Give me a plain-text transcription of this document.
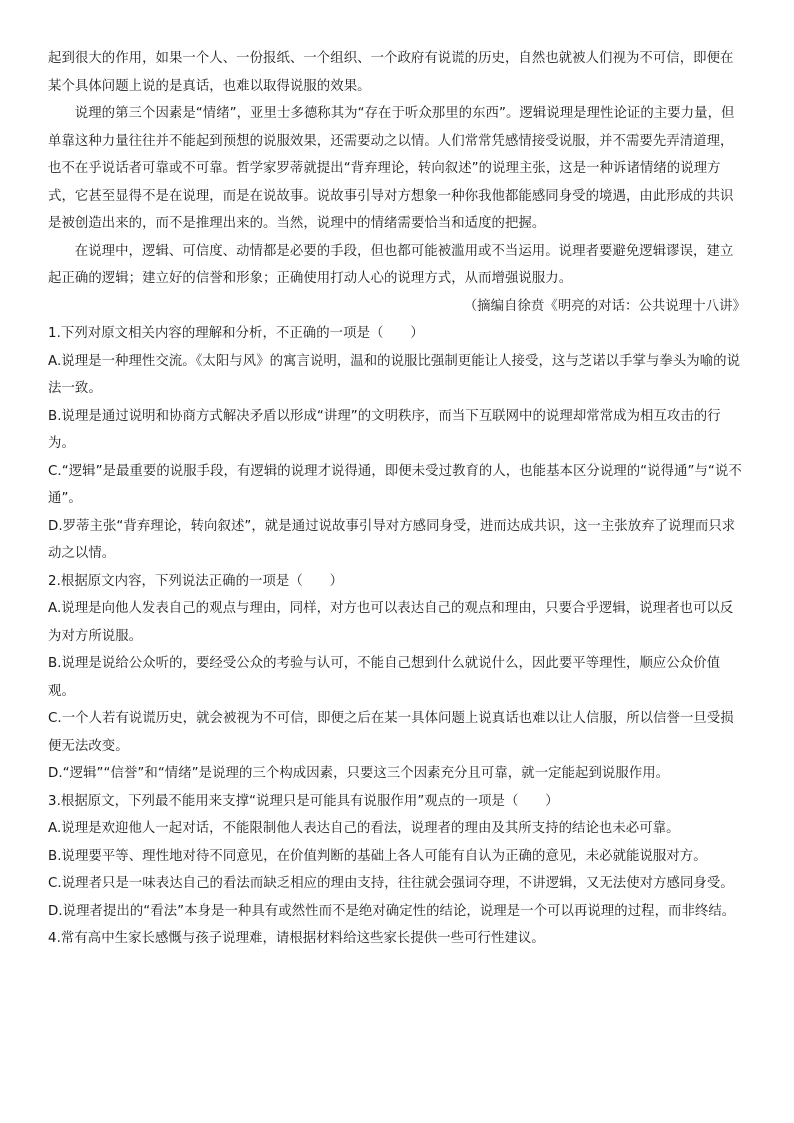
起到很大的作用，如果一个人、一份报纸、一个组织、一个政府有说谎的历史，自然也就被人们视为不可信，即便在某个具体问题上说的是真话，也难以取得说服的效果。

说理的第三个因素是“情绪”，亚里士多德称其为“存在于听众那里的东西”。逻辑说理是理性论证的主要力量，但单靠这种力量往往并不能起到预想的说服效果，还需要动之以情。人们常常凭感情接受说服，并不需要先弄清道理，也不在乎说话者可靠或不可靠。哲学家罗蒂就提出“背弃理论，转向叙述”的说理主张，这是一种诉诸情绪的说理方式，它甚至显得不是在说理，而是在说故事。说故事引导对方想象一种你我他都能感同身受的境遇，由此形成的共识是被创造出来的，而不是推理出来的。当然，说理中的情绪需要恰当和适度的把握。

在说理中，逻辑、可信度、动情都是必要的手段，但也都可能被滥用或不当运用。说理者要避免逻辑谬误，建立起正确的逻辑；建立好的信誉和形象；正确使用打动人心的说理方式，从而增强说服力。

（摘编自徐贲《明亮的对话：公共说理十八讲》

1.下列对原文相关内容的理解和分析，不正确的一项是（　　）

A.说理是一种理性交流。《太阳与风》的寓言说明，温和的说服比强制更能让人接受，这与芝诺以手掌与拳头为喻的说法一致。

B.说理是通过说明和协商方式解决矛盾以形成“讲理”的文明秩序，而当下互联网中的说理却常常成为相互攻击的行为。

C.“逻辑”是最重要的说服手段，有逻辑的说理才说得通，即便未受过教育的人，也能基本区分说理的“说得通”与“说不通”。

D.罗蒂主张“背弃理论，转向叙述”，就是通过说故事引导对方感同身受，进而达成共识，这一主张放弃了说理而只求动之以情。

2.根据原文内容，下列说法正确的一项是（　　）

A.说理是向他人发表自己的观点与理由，同样，对方也可以表达自己的观点和理由，只要合乎逻辑，说理者也可以反为对方所说服。

B.说理是说给公众听的，要经受公众的考验与认可，不能自己想到什么就说什么，因此要平等理性，顺应公众价值观。

C.一个人若有说谎历史，就会被视为不可信，即便之后在某一具体问题上说真话也难以让人信服，所以信誉一旦受损便无法改变。

D.“逻辑”“信誉”和“情绪”是说理的三个构成因素，只要这三个因素充分且可靠，就一定能起到说服作用。

3.根据原文，下列最不能用来支撑“说理只是可能具有说服作用”观点的一项是（　　）

A.说理是欢迎他人一起对话，不能限制他人表达自己的看法，说理者的理由及其所支持的结论也未必可靠。

B.说理要平等、理性地对待不同意见，在价值判断的基础上各人可能有自认为正确的意见，未必就能说服对方。

C.说理者只是一味表达自己的看法而缺乏相应的理由支持，往往就会强词夺理，不讲逻辑，又无法使对方感同身受。

D.说理者提出的“看法”本身是一种具有或然性而不是绝对确定性的结论，说理是一个可以再说理的过程，而非终结。

4.常有高中生家长感慨与孩子说理难，请根据材料给这些家长提供一些可行性建议。
